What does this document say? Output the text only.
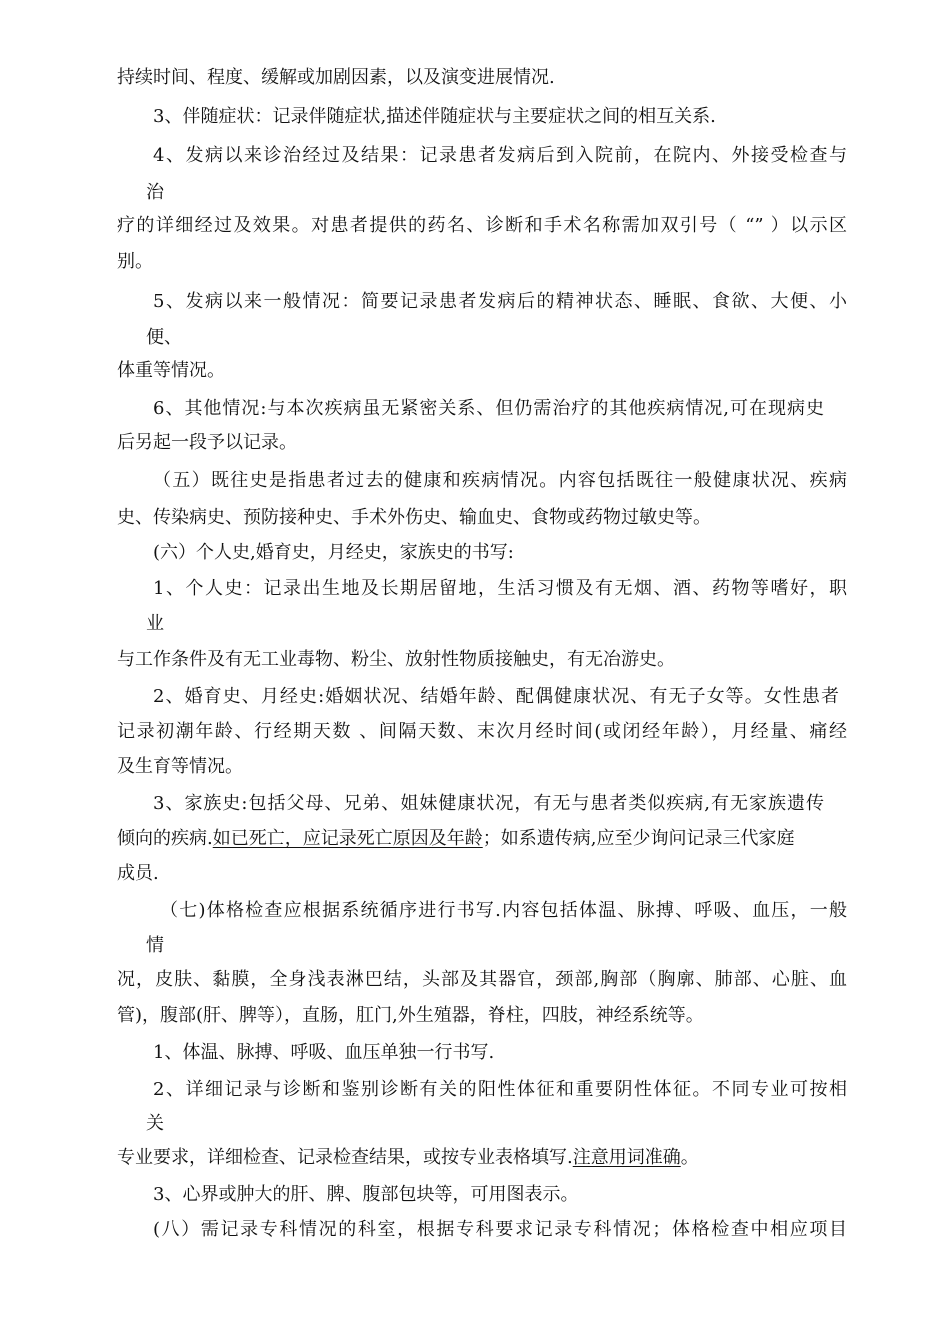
持续时间、程度、缓解或加剧因素，以及演变进展情况.
3、伴随症状：记录伴随症状,描述伴随症状与主要症状之间的相互关系.
4、发病以来诊治经过及结果：记录患者发病后到入院前，在院内、外接受检查与
治
疗的详细经过及效果。对患者提供的药名、诊断和手术名称需加双引号（ “” ）以示区
别。
5、发病以来一般情况：简要记录患者发病后的精神状态、睡眠、食欲、大便、小
便、
体重等情况。
6、其他情况:与本次疾病虽无紧密关系、但仍需治疗的其他疾病情况,可在现病史
后另起一段予以记录。
（五）既往史是指患者过去的健康和疾病情况。内容包括既往一般健康状况、疾病
史、传染病史、预防接种史、手术外伤史、输血史、食物或药物过敏史等。
(六）个人史,婚育史，月经史，家族史的书写:
1、个人史：记录出生地及长期居留地，生活习惯及有无烟、酒、药物等嗜好，职
业
与工作条件及有无工业毒物、粉尘、放射性物质接触史，有无冶游史。
2、婚育史、月经史:婚姻状况、结婚年龄、配偶健康状况、有无子女等。女性患者
记录初潮年龄、行经期天数 、间隔天数、末次月经时间(或闭经年龄），月经量、痛经
及生育等情况。
3、家族史:包括父母、兄弟、姐妹健康状况，有无与患者类似疾病,有无家族遗传
倾向的疾病.如已死亡，应记录死亡原因及年龄；如系遗传病,应至少询问记录三代家庭
成员.
（七)体格检查应根据系统循序进行书写.内容包括体温、脉搏、呼吸、血压，一般
情
况，皮肤、黏膜，全身浅表淋巴结，头部及其器官，颈部,胸部（胸廓、肺部、心脏、血
管)，腹部(肝、脾等），直肠，肛门,外生殖器，脊柱，四肢，神经系统等。
1、体温、脉搏、呼吸、血压单独一行书写.
2、详细记录与诊断和鉴别诊断有关的阳性体征和重要阴性体征。不同专业可按相
关
专业要求，详细检查、记录检查结果，或按专业表格填写.注意用词准确。
3、心界或肿大的肝、脾、腹部包块等，可用图表示。
(八）需记录专科情况的科室，根据专科要求记录专科情况；体格检查中相应项目
